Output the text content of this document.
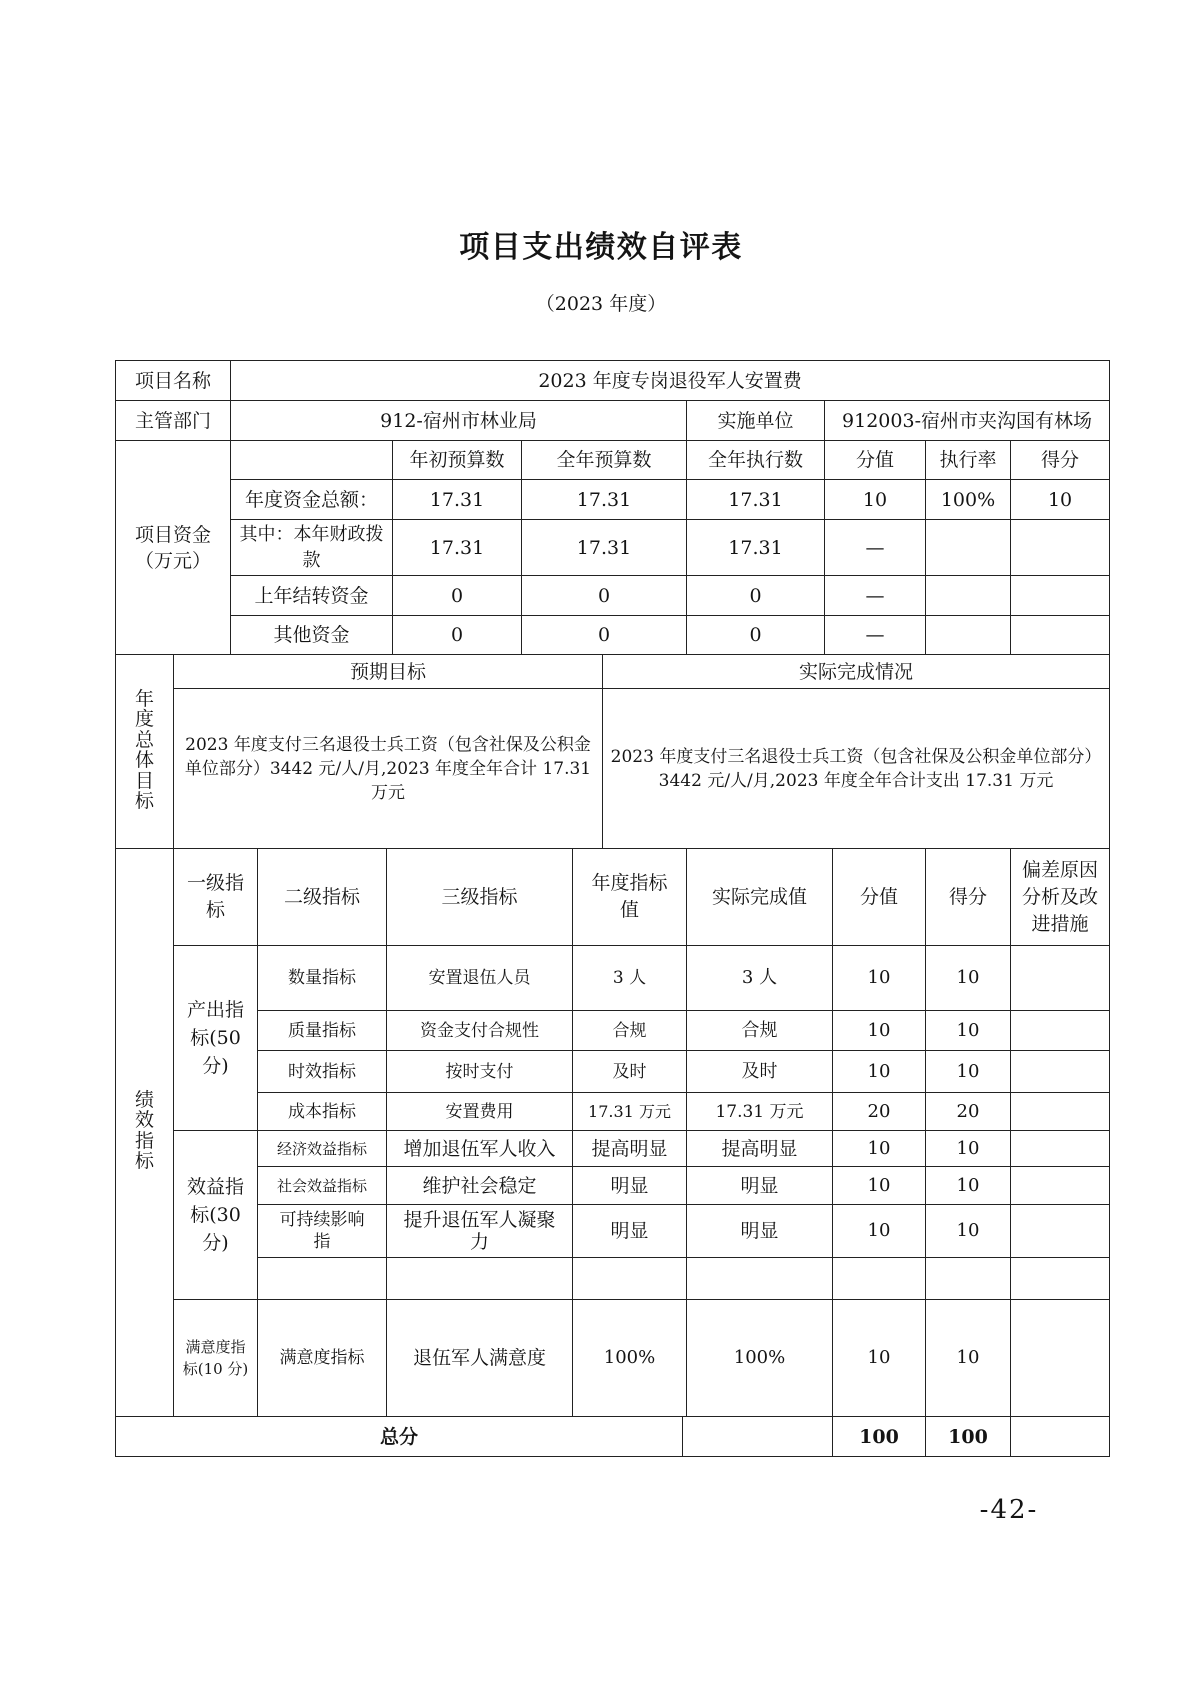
项目支出绩效自评表
（2023 年度）
项目名称	2023 年度专岗退役军人安置费						
主管部门	912-宿州市林业局			实施单位	912003-宿州市夹沟国有林场		

项目资金
（万元）		年初预算数	全年预算数	全年执行数	分值	执行率	得分
	年度资金总额：	17.31	17.31	17.31	10	100%	10
	其中：本年财政拨款	17.31	17.31	17.31	—		
	上年结转资金	0	0	0	—		
	其他资金	0	0	0	—		
年度总体目标	预期目标	实际完成情况
	2023 年度支付三名退役士兵工资（包含社保及公积金单位部分）3442 元/人/月,2023 年度全年合计 17.31 万元	2023 年度支付三名退役士兵工资（包含社保及公积金单位部分）3442 元/人/月,2023 年度全年合计支出 17.31 万元
绩效指标	一级指标	二级指标	三级指标	年度指标值	实际完成值	分值	得分	偏差原因分析及改进措施
	产出指标(50分)	数量指标	安置退伍人员	3 人	3 人	10	10	
		质量指标	资金支付合规性	合规	合规	10	10	
		时效指标	按时支付	及时	及时	10	10	
		成本指标	安置费用	17.31 万元	17.31 万元	20	20	
	效益指标(30分)	经济效益指标	增加退伍军人收入	提高明显	提高明显	10	10	
		社会效益指标	维护社会稳定	明显	明显	10	10	
		可持续影响指	提升退伍军人凝聚力	明显	明显	10	10	

	满意度指标(10 分)	满意度指标	退伍军人满意度	100%	100%	10	10	
总分		100	100	
-42-
